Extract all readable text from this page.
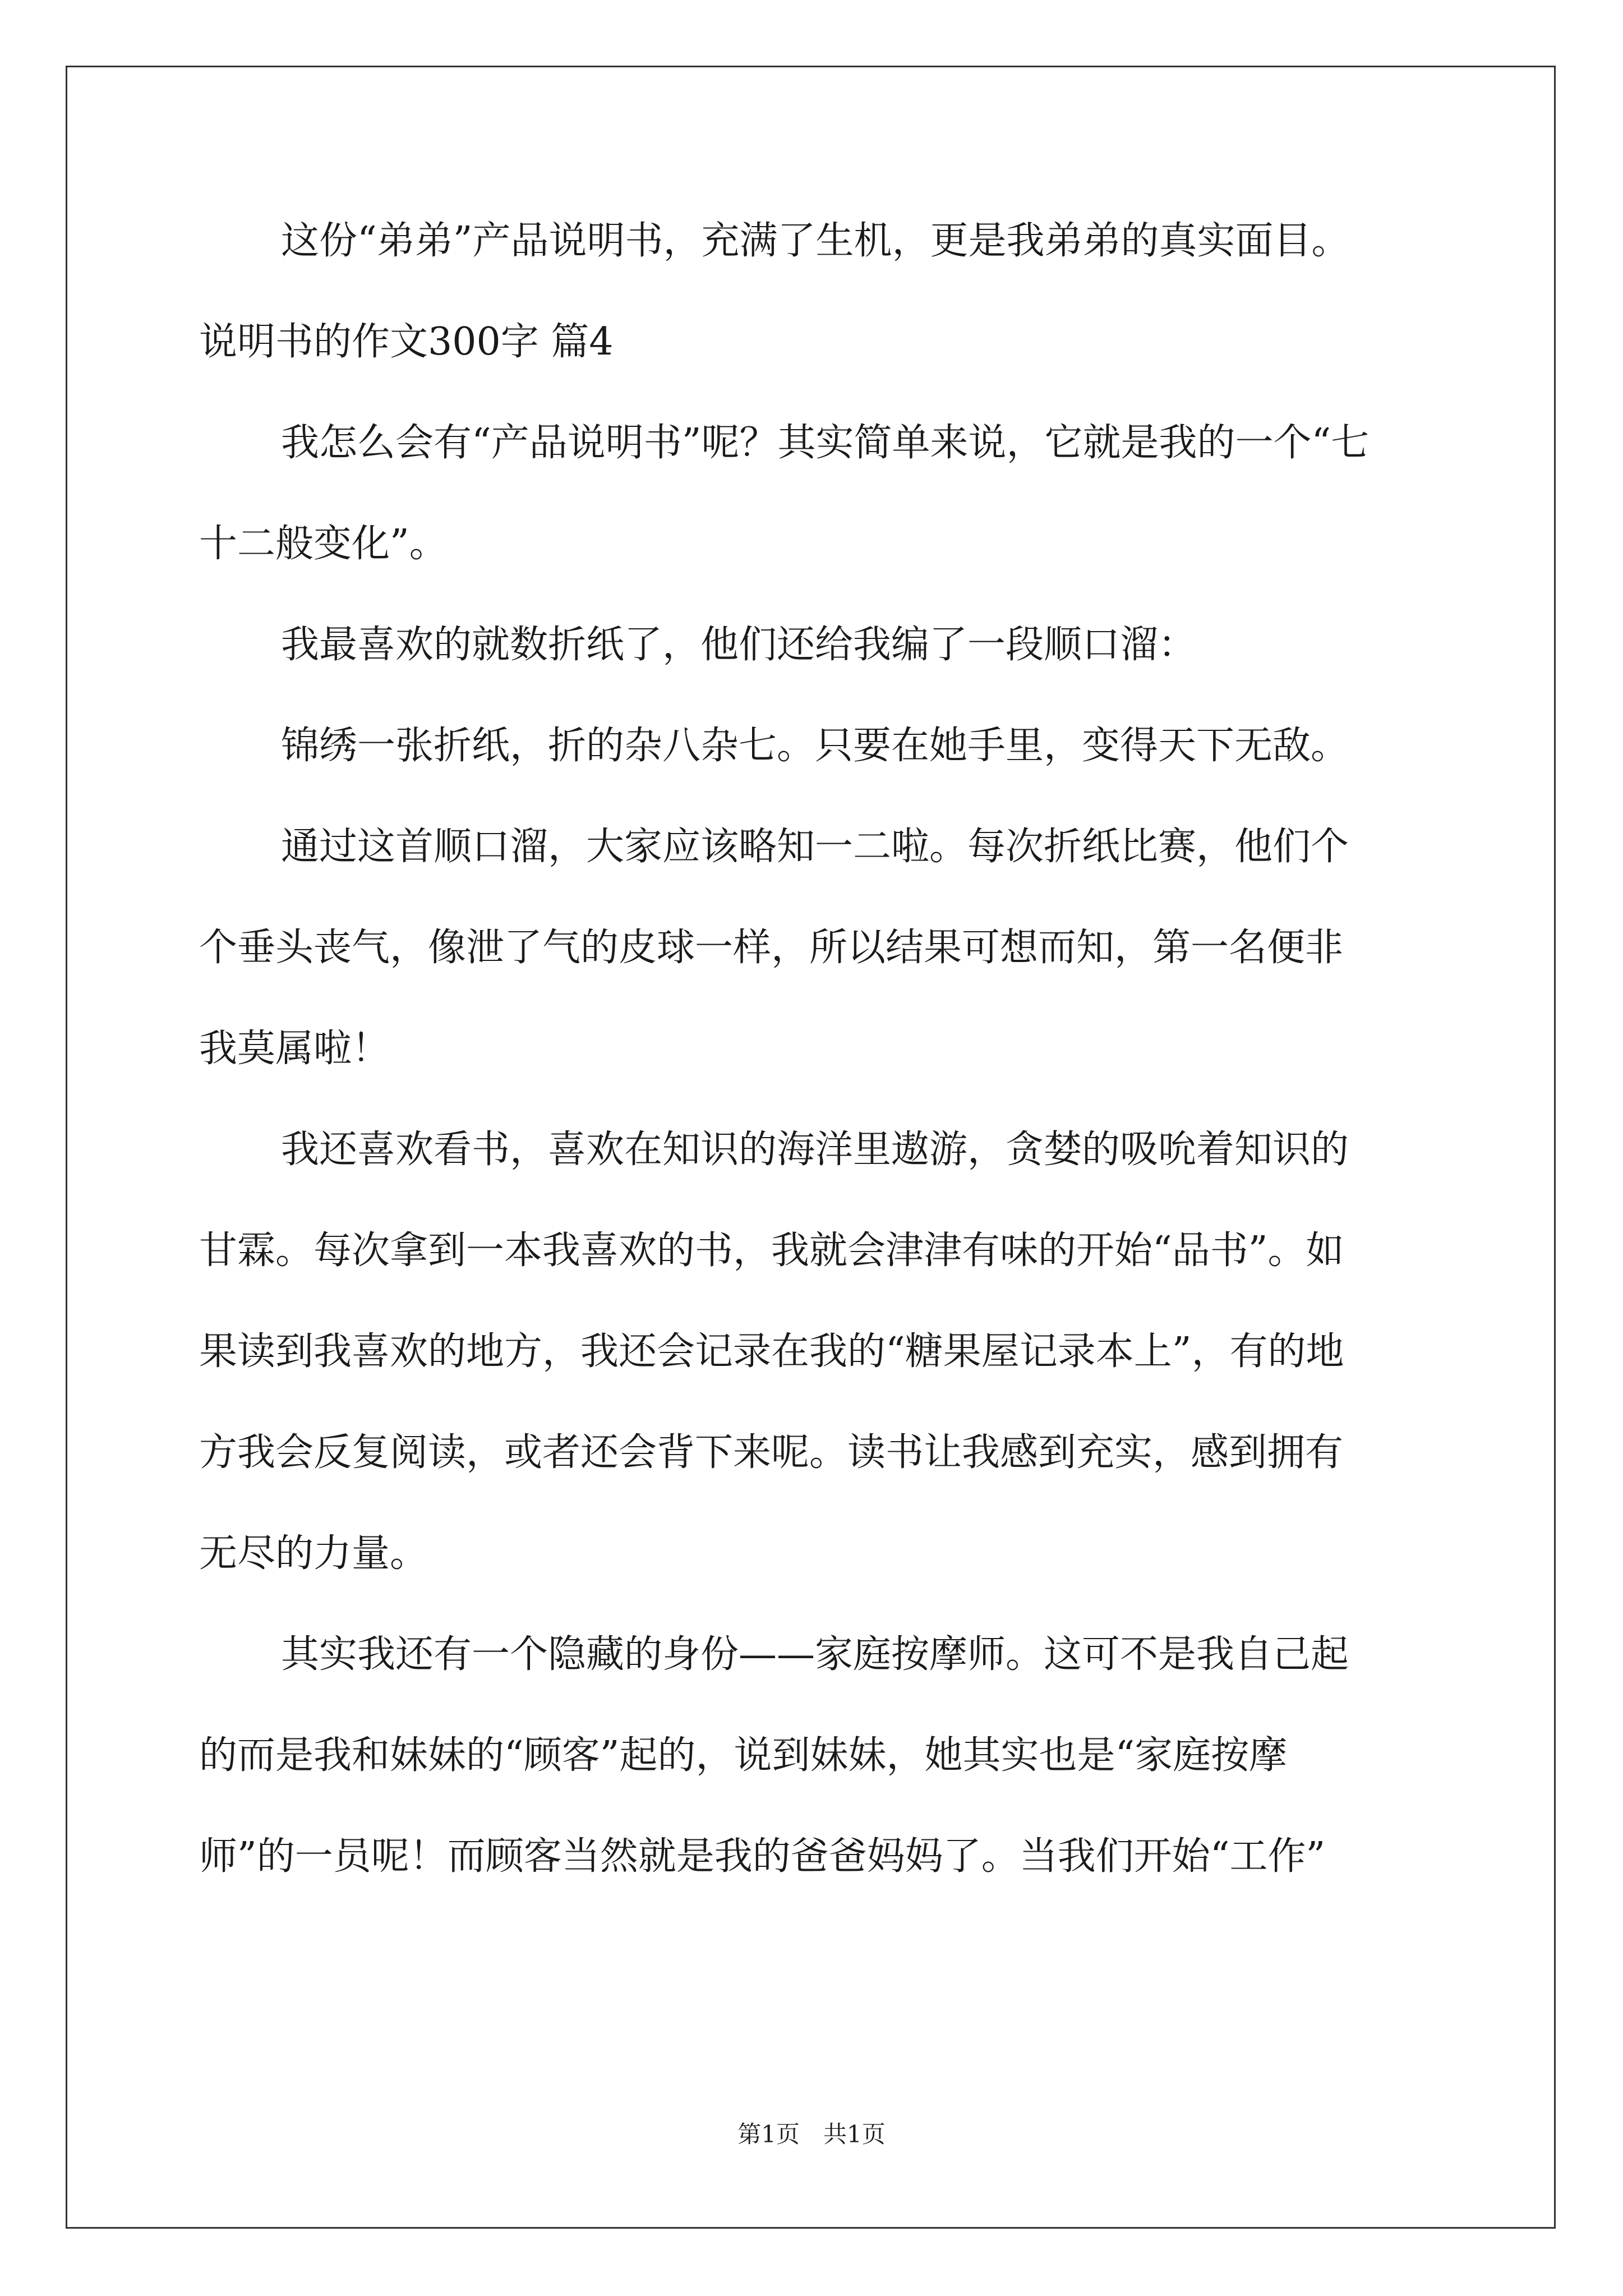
这份“弟弟”产品说明书，充满了生机，更是我弟弟的真实面目。
说明书的作文300字 篇4
我怎么会有“产品说明书”呢？其实简单来说，它就是我的一个“七
十二般变化”。
我最喜欢的就数折纸了，他们还给我编了一段顺口溜：
锦绣一张折纸，折的杂八杂七。只要在她手里，变得天下无敌。
通过这首顺口溜，大家应该略知一二啦。每次折纸比赛，他们个
个垂头丧气，像泄了气的皮球一样，所以结果可想而知，第一名便非
我莫属啦！
我还喜欢看书，喜欢在知识的海洋里遨游，贪婪的吸吮着知识的
甘霖。每次拿到一本我喜欢的书，我就会津津有味的开始“品书”。如
果读到我喜欢的地方，我还会记录在我的“糖果屋记录本上”，有的地
方我会反复阅读，或者还会背下来呢。读书让我感到充实，感到拥有
无尽的力量。
其实我还有一个隐藏的身份——家庭按摩师。这可不是我自己起
的而是我和妹妹的“顾客”起的，说到妹妹，她其实也是“家庭按摩
师”的一员呢！而顾客当然就是我的爸爸妈妈了。当我们开始“工作”
第1页　共1页
